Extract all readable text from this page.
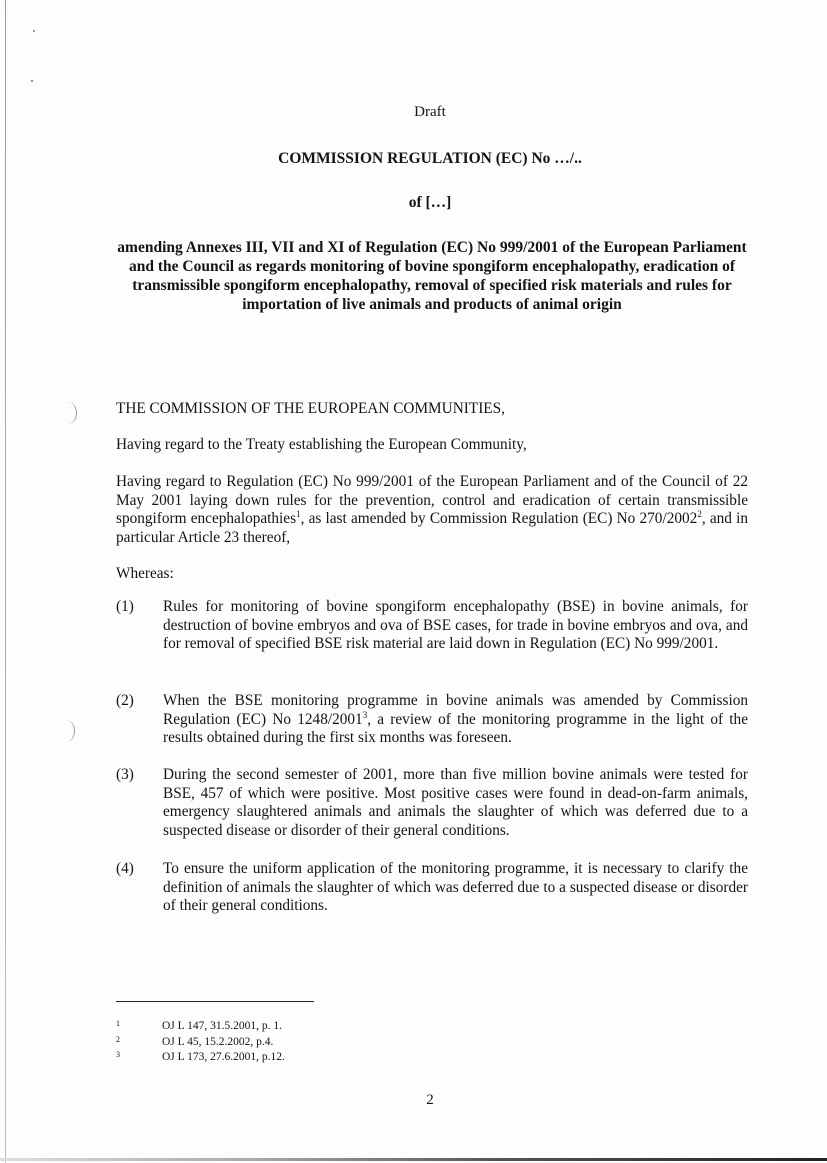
Draft
COMMISSION REGULATION (EC) No …/..
of […]
amending Annexes III, VII and XI of Regulation (EC) No 999/2001 of the European Parliament and the Council as regards monitoring of bovine spongiform encephalopathy, eradication of transmissible spongiform encephalopathy, removal of specified risk materials and rules for importation of live animals and products of animal origin
THE COMMISSION OF THE EUROPEAN COMMUNITIES,
Having regard to the Treaty establishing the European Community,
Having regard to Regulation (EC) No 999/2001 of the European Parliament and of the Council of 22 May 2001 laying down rules for the prevention, control and eradication of certain transmissible spongiform encephalopathies$^1$, as last amended by Commission Regulation (EC) No 270/2002$^2$, and in particular Article 23 thereof,
Whereas:
(1) Rules for monitoring of bovine spongiform encephalopathy (BSE) in bovine animals, for destruction of bovine embryos and ova of BSE cases, for trade in bovine embryos and ova, and for removal of specified BSE risk material are laid down in Regulation (EC) No 999/2001.
(2) When the BSE monitoring programme in bovine animals was amended by Commission Regulation (EC) No 1248/2001$^3$, a review of the monitoring programme in the light of the results obtained during the first six months was foreseen.
(3) During the second semester of 2001, more than five million bovine animals were tested for BSE, 457 of which were positive. Most positive cases were found in dead-on-farm animals, emergency slaughtered animals and animals the slaughter of which was deferred due to a suspected disease or disorder of their general conditions.
(4) To ensure the uniform application of the monitoring programme, it is necessary to clarify the definition of animals the slaughter of which was deferred due to a suspected disease or disorder of their general conditions.
1	OJ L 147, 31.5.2001, p. 1.
2	OJ L 45, 15.2.2002, p.4.
3	OJ L 173, 27.6.2001, p.12.
2
